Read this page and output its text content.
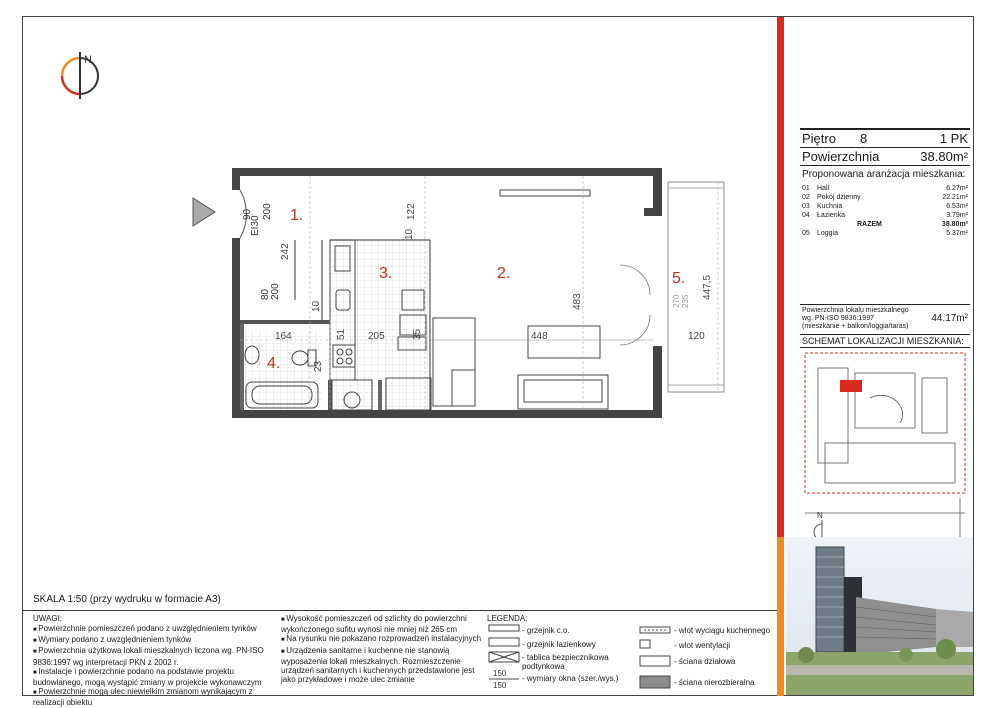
N
1.
2.
3.
4.
5.
242
122
10
483
447,5
164	205	448	120
10
51	35
23
270 235
EI30
90 200
80 200
Piętro	8	1 PK
Powierzchnia	38.80m²
Proponowana aranżacja mieszkania:
01	Hall	6.27m²
02	Pokój dzienny	22.21m²
03	Kuchnia	6.53m²
04	Łazienka	3.79m²
RAZEM	38.80m²
05	Loggia	5.37m²
Powierzchnia lokalu mieszkalnego
wg. PN-ISO 9836:1997
(mieszkanie + balkon/loggia/taras)
44.17m²
SCHEMAT LOKALIZACJI MIESZKANIA:
N
SKALA 1:50 (przy wydruku w formacie A3)
UWAGI:

■ Powierzchnie pomieszczeń podano z uwzględnieniem tynków

■ Wymiary podano z uwzględnieniem tynków

■ Powierzchnia użytkowa lokali mieszkalnych liczona wg. PN-ISO 9836:1997 wg interpretacji PKN z 2002 r.

■ Instalacje i powierzchnie podano na podstawie projektu budowlanego, mogą wystąpić zmiany w projekcie wykonawczym

■ Powierzchnie mogą ulec niewielkim zmianom wynikającym z realizacji obiektu

■ Wysokość pomieszczeń od szlichty do powierzchni wykończonego sufitu wynosi nie mniej niż 265 cm

■ Na rysunku nie pokazano rozprowadzeń instalacyjnych

■ Urządzenia sanitarne i kuchenne nie stanowią wyposażenia lokali mieszkalnych. Rozmieszczenie urządzeń sanitarnych i kuchennych przedstawione jest jako przykładowe i może ulec zmianie

LEGENDA:
150
150
- grzejnik c.o.
- grzejnik łazienkowy
- tablica bezpiecznikowa podtynkowa
- wymiary okna (szer./wys.)
- wlot wyciągu kuchennego
- wlot wentylacji
- ściana działowa
- ściana nierozbieralna
